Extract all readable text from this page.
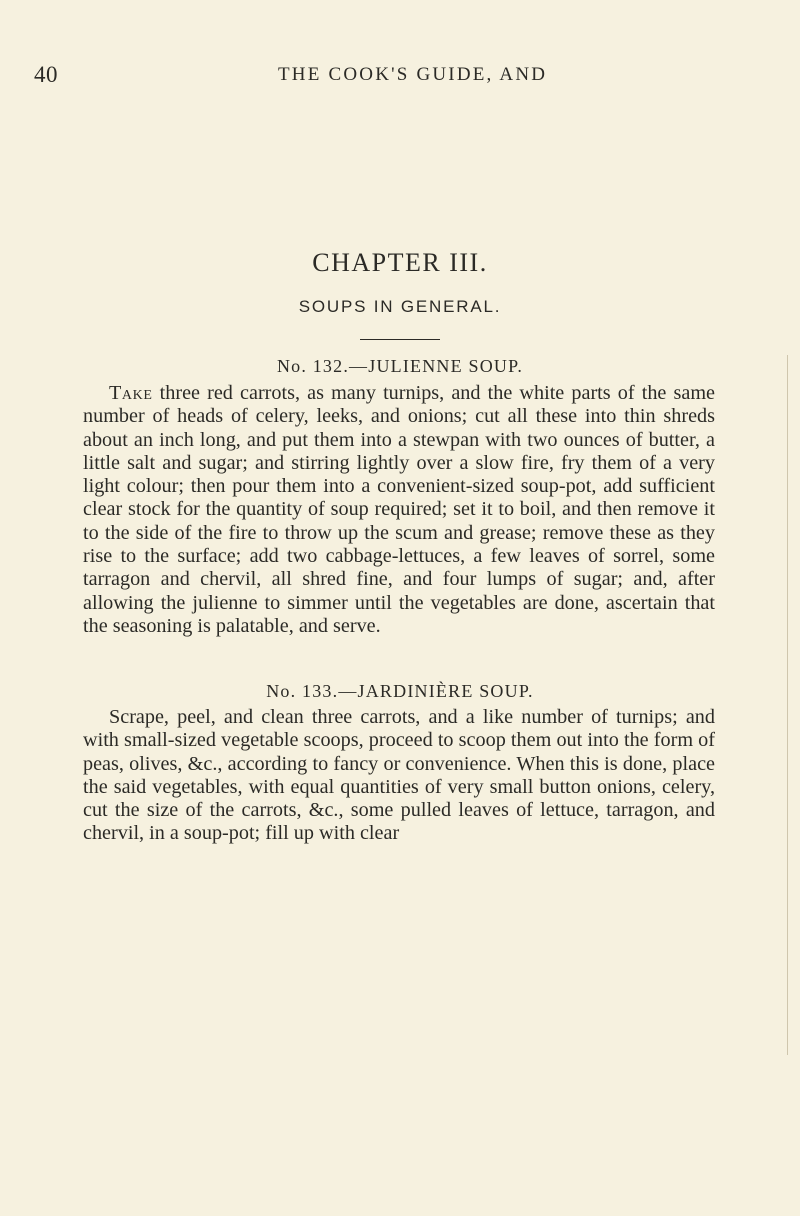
40	THE COOK'S GUIDE, AND
CHAPTER III.
SOUPS IN GENERAL.
No. 132.—JULIENNE SOUP.

Take three red carrots, as many turnips, and the white parts of the same number of heads of celery, leeks, and onions; cut all these into thin shreds about an inch long, and put them into a stewpan with two ounces of butter, a little salt and sugar; and stirring lightly over a slow fire, fry them of a very light colour; then pour them into a convenient-sized soup-pot, add sufficient clear stock for the quantity of soup required; set it to boil, and then remove it to the side of the fire to throw up the scum and grease; remove these as they rise to the surface; add two cabbage-lettuces, a few leaves of sorrel, some tarragon and chervil, all shred fine, and four lumps of sugar; and, after allowing the julienne to simmer until the vegetables are done, ascertain that the seasoning is palatable, and serve.

No. 133.—JARDINIÈRE SOUP.

Scrape, peel, and clean three carrots, and a like number of turnips; and with small-sized vegetable scoops, proceed to scoop them out into the form of peas, olives, &c., according to fancy or convenience. When this is done, place the said vegetables, with equal quantities of very small button onions, celery, cut the size of the carrots, &c., some pulled leaves of lettuce, tarragon, and chervil, in a soup-pot; fill up with clear
